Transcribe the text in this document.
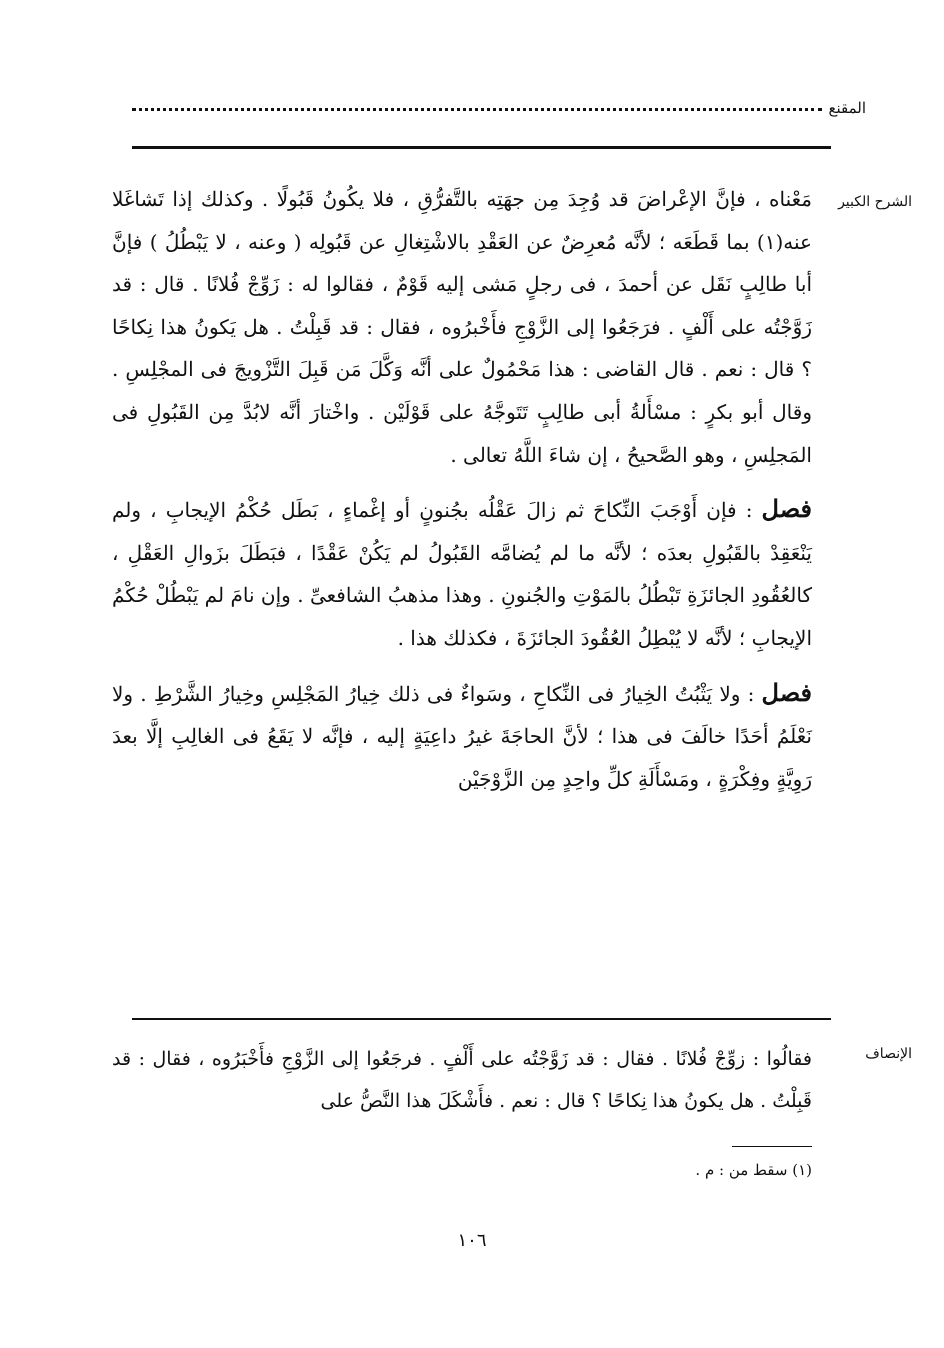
المقنع
الشرح الكبير

مَعْناه ، فإنَّ الإعْراضَ قد وُجِدَ مِن جهَتِه بالتَّفرُّقِ ، فلا يكُونُ قَبُولًا . وكذلك إذا تَشاغَلا عنه(١) بما قَطَعَه ؛ لأنَّه مُعرِضٌ عن العَقْدِ بالاشْتِغالِ عن قَبُولِه ( وعنه ، لا يَبْطُلُ ) فإنَّ أبا طالِبٍ نَقَل عن أحمدَ ، فى رجلٍ مَشى إليه قَوْمٌ ، فقالوا له : زَوِّجْ فُلانًا . قال : قد زَوَّجْتُه على أَلْفٍ . فرَجَعُوا إلى الزَّوْجِ فأَخْبرُوه ، فقال : قد قَبِلْتُ . هل يَكونُ هذا نِكاحًا ؟ قال : نعم . قال القاضى : هذا مَحْمُولٌ على أنَّه وَكَّلَ مَن قَبِلَ التَّزْويجَ فى المجْلِسِ . وقال أبو بكرٍ : مسْأَلةُ أبى طالِبٍ تَتَوجَّهُ على قَوْلَيْن . واخْتارَ أنَّه لابُدَّ مِن القَبُولِ فى المَجلِسِ ، وهو الصَّحيحُ ، إن شاءَ اللَّهُ تعالى .

فصل : فإن أَوْجَبَ النِّكاحَ ثم زالَ عَقْلُه بجُنونٍ أو إغْماءٍ ، بَطَل حُكْمُ الإيجابِ ، ولم يَنْعَقِدْ بالقَبُولِ بعدَه ؛ لأنَّه ما لم يُضامَّه القَبُولُ لم يَكُنْ عَقْدًا ، فبَطَلَ بزَوالِ العَقْلِ ، كالعُقُودِ الجائزَةِ تَبْطُلُ بالمَوْتِ والجُنونِ . وهذا مذهبُ الشافعىِّ . وإن نامَ لم يَبْطُلْ حُكْمُ الإيجابِ ؛ لأنَّه لا يُبْطِلُ العُقُودَ الجائزَةَ ، فكذلك هذا .

فصل : ولا يَثْبُتُ الخِيارُ فى النِّكاحِ ، وسَواءٌ فى ذلك خِيارُ المَجْلِسِ وخِيارُ الشَّرْطِ . ولا نَعْلَمُ أحَدًا خالَفَ فى هذا ؛ لأنَّ الحاجَةَ غيرُ داعِيَةٍ إليه ، فإنَّه لا يَقَعُ فى الغالِبِ إلَّا بعدَ رَوِيَّةٍ وفِكْرَةٍ ، ومَسْأَلَةِ كلِّ واحِدٍ مِن الزَّوْجَيْن

الإنصاف

فقالُوا : زوِّجْ فُلانًا . فقال : قد زَوَّجْتُه على أَلْفٍ . فرجَعُوا إلى الزَّوْجِ فأَخْبَرُوه ، فقال : قد قَبِلْتُ . هل يكونُ هذا نِكاحًا ؟ قال : نعم . فأَشْكَلَ هذا النَّصُّ على

(١) سقط من : م .
١٠٦
